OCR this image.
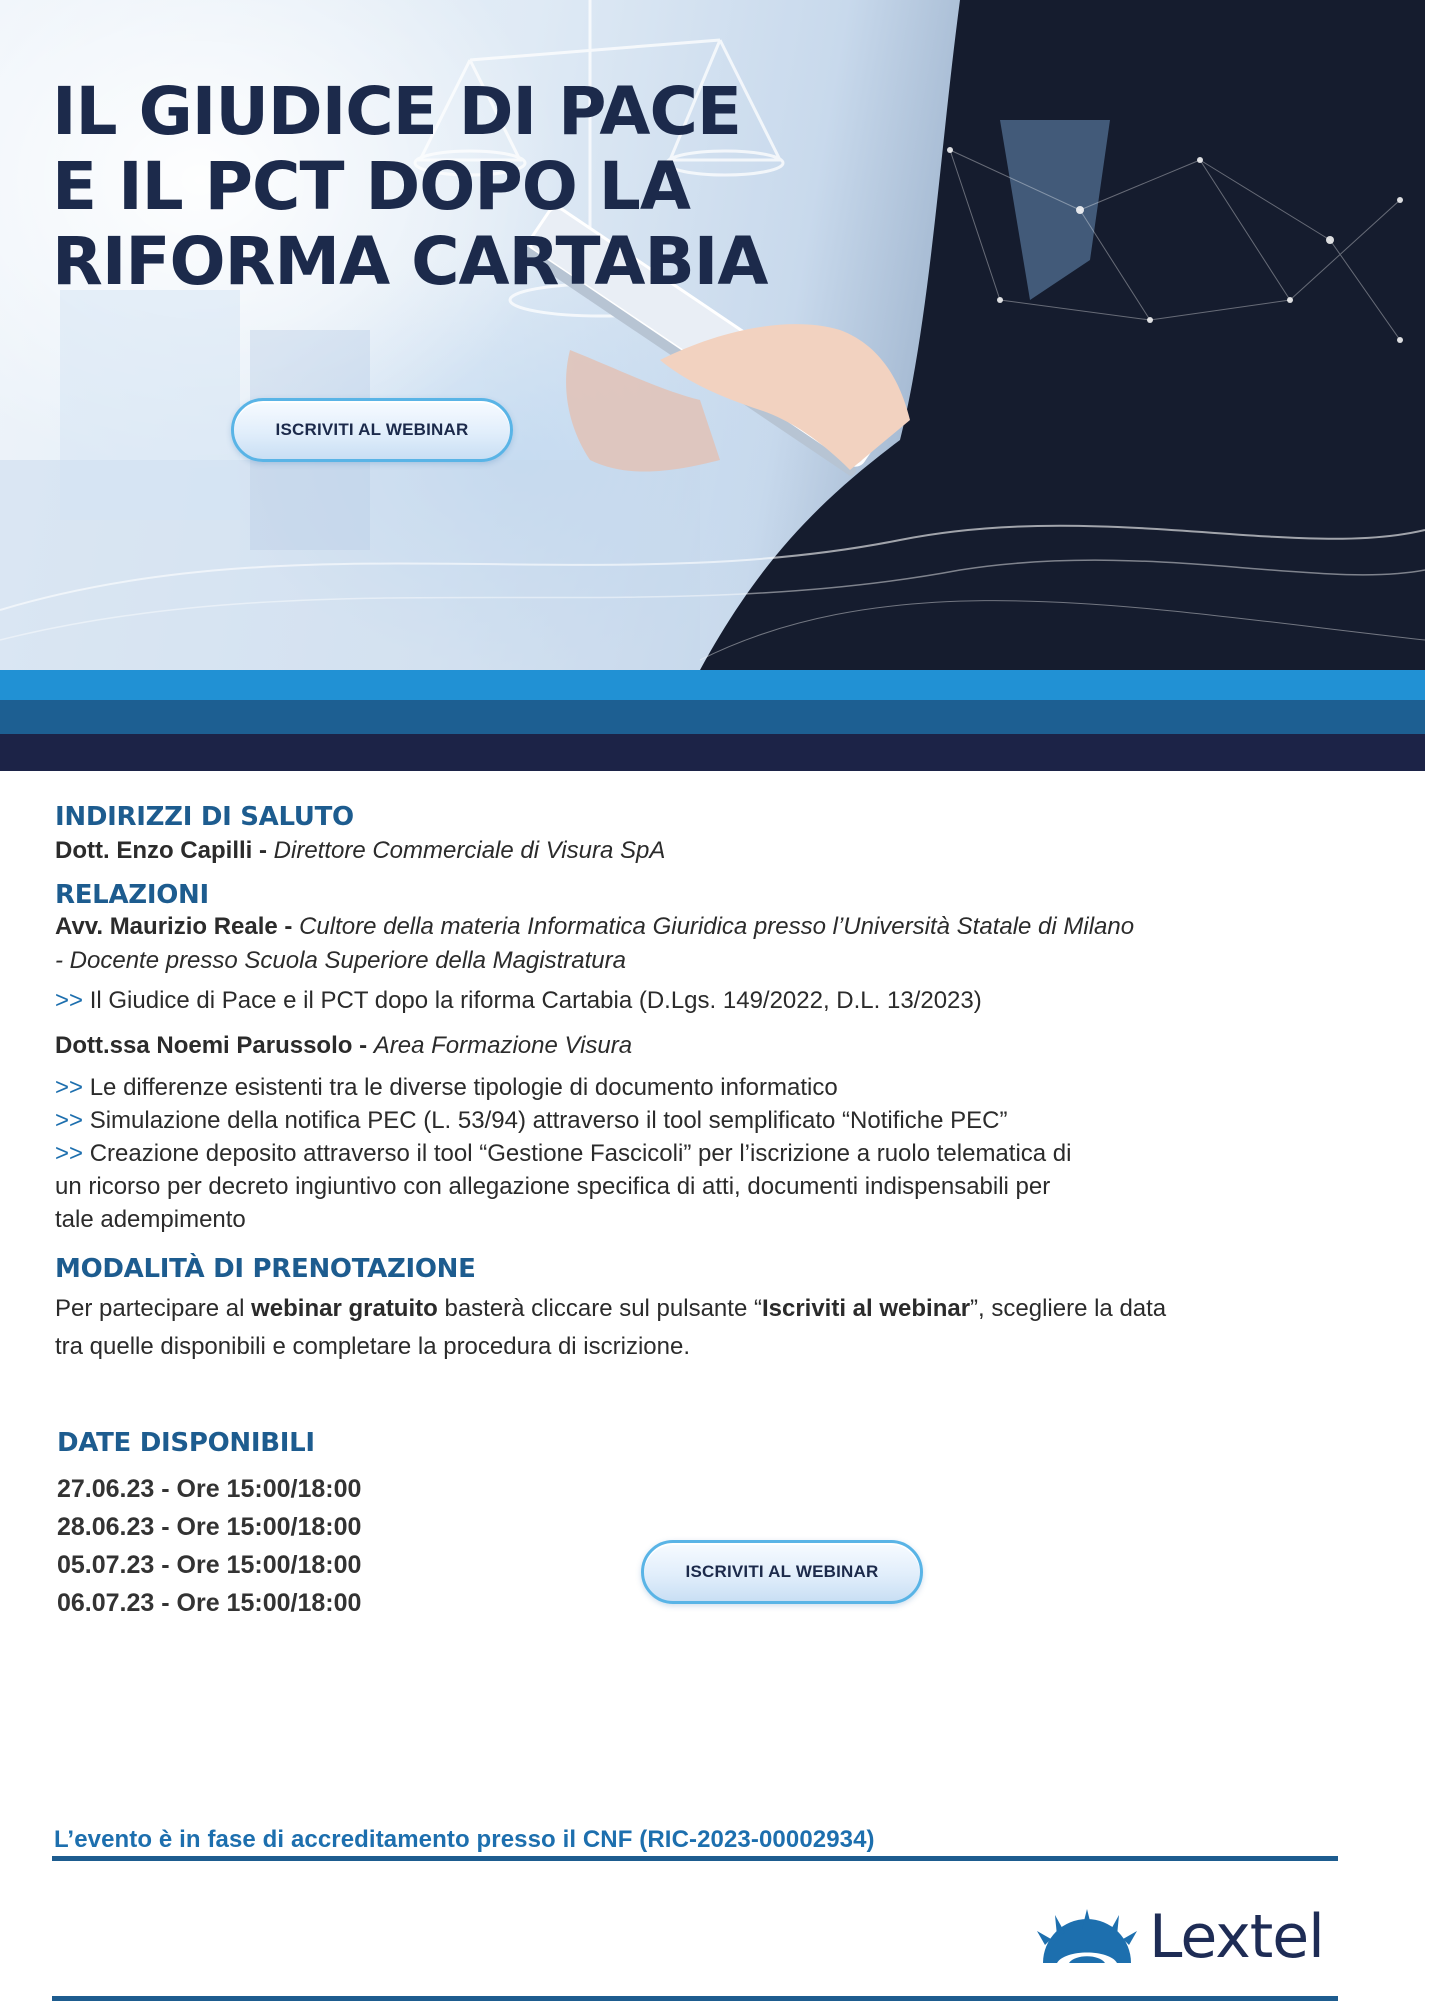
IL GIUDICE DI PACE
E IL PCT DOPO LA
RIFORMA CARTABIA
ISCRIVITI AL WEBINAR
INDIRIZZI DI SALUTO
Dott. Enzo Capilli - Direttore Commerciale di Visura SpA
RELAZIONI
Avv. Maurizio Reale - Cultore della materia Informatica Giuridica presso l’Università Statale di Milano
- Docente presso Scuola Superiore della Magistratura
>> Il Giudice di Pace e il PCT dopo la riforma Cartabia (D.Lgs. 149/2022, D.L. 13/2023)
Dott.ssa Noemi Parussolo - Area Formazione Visura
>> Le differenze esistenti tra le diverse tipologie di documento informatico
>> Simulazione della notifica PEC (L. 53/94) attraverso il tool semplificato “Notifiche PEC”
>> Creazione deposito attraverso il tool “Gestione Fascicoli” per l’iscrizione a ruolo telematica di
un ricorso per decreto ingiuntivo con allegazione specifica di atti, documenti indispensabili per
tale adempimento
MODALITÀ DI PRENOTAZIONE
Per partecipare al webinar gratuito basterà cliccare sul pulsante “Iscriviti al webinar”, scegliere la data
tra quelle disponibili e completare la procedura di iscrizione.
DATE DISPONIBILI
27.06.23 - Ore 15:00/18:00
28.06.23 - Ore 15:00/18:00
05.07.23 - Ore 15:00/18:00
06.07.23 - Ore 15:00/18:00
ISCRIVITI AL WEBINAR
L’evento è in fase di accreditamento presso il CNF (RIC-2023-00002934)
Lextel
